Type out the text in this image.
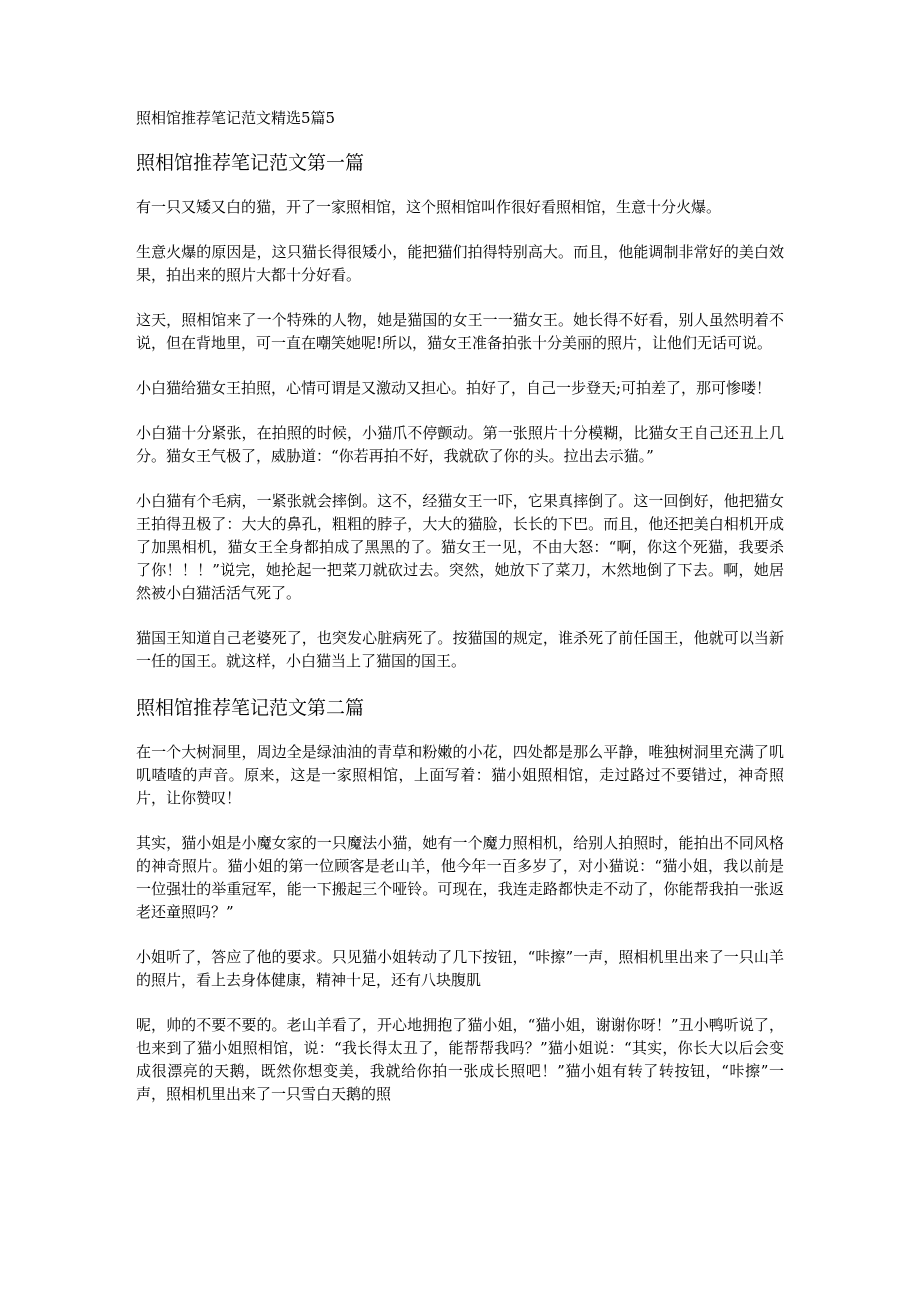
照相馆推荐笔记范文精选5篇5
照相馆推荐笔记范文第一篇

有一只又矮又白的猫，开了一家照相馆，这个照相馆叫作很好看照相馆，生意十分火爆。

生意火爆的原因是，这只猫长得很矮小，能把猫们拍得特别高大。而且，他能调制非常好的美白效果，拍出来的照片大都十分好看。

这天，照相馆来了一个特殊的人物，她是猫国的女王一一猫女王。她长得不好看，别人虽然明着不说，但在背地里，可一直在嘲笑她呢!所以，猫女王准备拍张十分美丽的照片，让他们无话可说。

小白猫给猫女王拍照，心情可谓是又激动又担心。拍好了，自己一步登天;可拍差了，那可惨喽！

小白猫十分紧张，在拍照的时候，小猫爪不停颤动。第一张照片十分模糊，比猫女王自己还丑上几分。猫女王气极了，威胁道：“你若再拍不好，我就砍了你的头。拉出去示猫。”

小白猫有个毛病，一紧张就会摔倒。这不，经猫女王一吓，它果真摔倒了。这一回倒好，他把猫女王拍得丑极了：大大的鼻孔，粗粗的脖子，大大的猫脸，长长的下巴。而且，他还把美白相机开成了加黑相机，猫女王全身都拍成了黑黑的了。猫女王一见，不由大怒：“啊，你这个死猫，我要杀了你！！！”说完，她抡起一把菜刀就砍过去。突然，她放下了菜刀，木然地倒了下去。啊，她居然被小白猫活活气死了。

猫国王知道自己老婆死了，也突发心脏病死了。按猫国的规定，谁杀死了前任国王，他就可以当新一任的国王。就这样，小白猫当上了猫国的国王。

照相馆推荐笔记范文第二篇

在一个大树洞里，周边全是绿油油的青草和粉嫩的小花，四处都是那么平静，唯独树洞里充满了叽叽喳喳的声音。原来，这是一家照相馆，上面写着：猫小姐照相馆，走过路过不要错过，神奇照片，让你赞叹！

其实，猫小姐是小魔女家的一只魔法小猫，她有一个魔力照相机，给别人拍照时，能拍出不同风格的神奇照片。猫小姐的第一位顾客是老山羊，他今年一百多岁了，对小猫说：“猫小姐，我以前是一位强壮的举重冠军，能一下搬起三个哑铃。可现在，我连走路都快走不动了，你能帮我拍一张返老还童照吗？”

小姐听了，答应了他的要求。只见猫小姐转动了几下按钮，“咔擦”一声，照相机里出来了一只山羊的照片，看上去身体健康，精神十足，还有八块腹肌

呢，帅的不要不要的。老山羊看了，开心地拥抱了猫小姐，“猫小姐，谢谢你呀！”丑小鸭听说了，也来到了猫小姐照相馆，说：“我长得太丑了，能帮帮我吗？”猫小姐说：“其实，你长大以后会变成很漂亮的天鹅，既然你想变美，我就给你拍一张成长照吧！”猫小姐有转了转按钮，“咔擦”一声，照相机里出来了一只雪白天鹅的照
